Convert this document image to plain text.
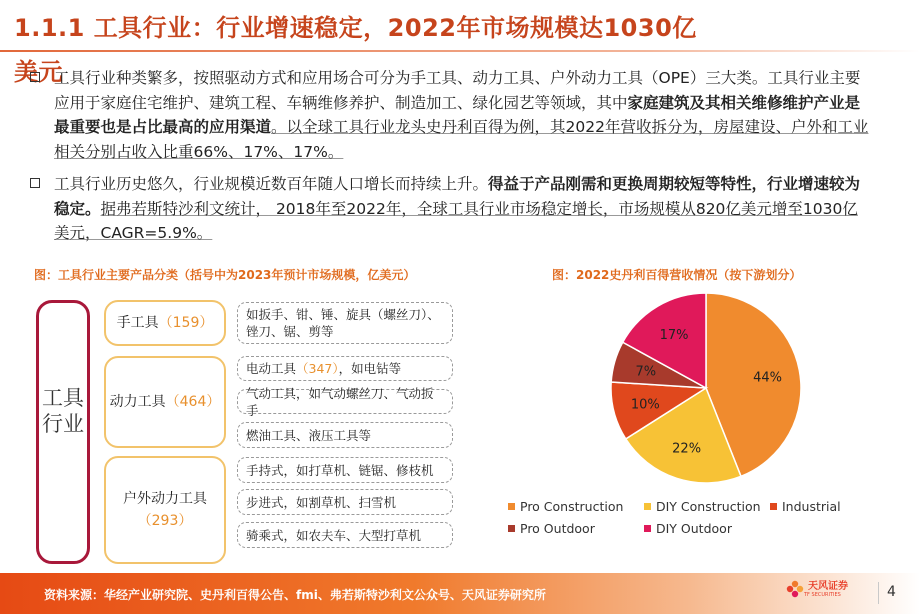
1.1.1 工具行业：行业增速稳定，2022年市场规模达1030亿美元
工具行业种类繁多，按照驱动方式和应用场合可分为手工具、动力工具、户外动力工具（OPE）三大类。工具行业主要应用于家庭住宅维护、建筑工程、车辆维修养护、制造加工、绿化园艺等领域，其中家庭建筑及其相关维修维护产业是最重要也是占比最高的应用渠道。以全球工具行业龙头史丹利百得为例，其2022年营收拆分为，房屋建设、户外和工业相关分别占收入比重66%、17%、17%。
工具行业历史悠久，行业规模近数百年随人口增长而持续上升。得益于产品刚需和更换周期较短等特性，行业增速较为稳定。据弗若斯特沙利文统计， 2018年至2022年，全球工具行业市场稳定增长，市场规模从820亿美元增至1030亿美元，CAGR=5.9%。
图：工具行业主要产品分类（括号中为2023年预计市场规模，亿美元）	图：2022史丹利百得营收情况（按下游划分）
工具行业
手工具（159）
动力工具（464）
户外动力工具
（293）
如扳手、钳、锤、旋具（螺丝刀）、锉刀、锯、剪等
电动工具（347），如电钻等
气动工具，如气动螺丝刀、气动扳手
燃油工具、液压工具等
手持式，如打草机、链锯、修枝机
步进式，如割草机、扫雪机
骑乘式，如农夫车、大型打草机
44%
22%
10%
7%
17%
Pro Construction	DIY Construction Industrial
Pro Outdoor	DIY Outdoor
资料来源：华经产业研究院、史丹利百得公告、fmi、弗若斯特沙利文公众号、天风证券研究所
天风证券
TF SECURITIES	4
